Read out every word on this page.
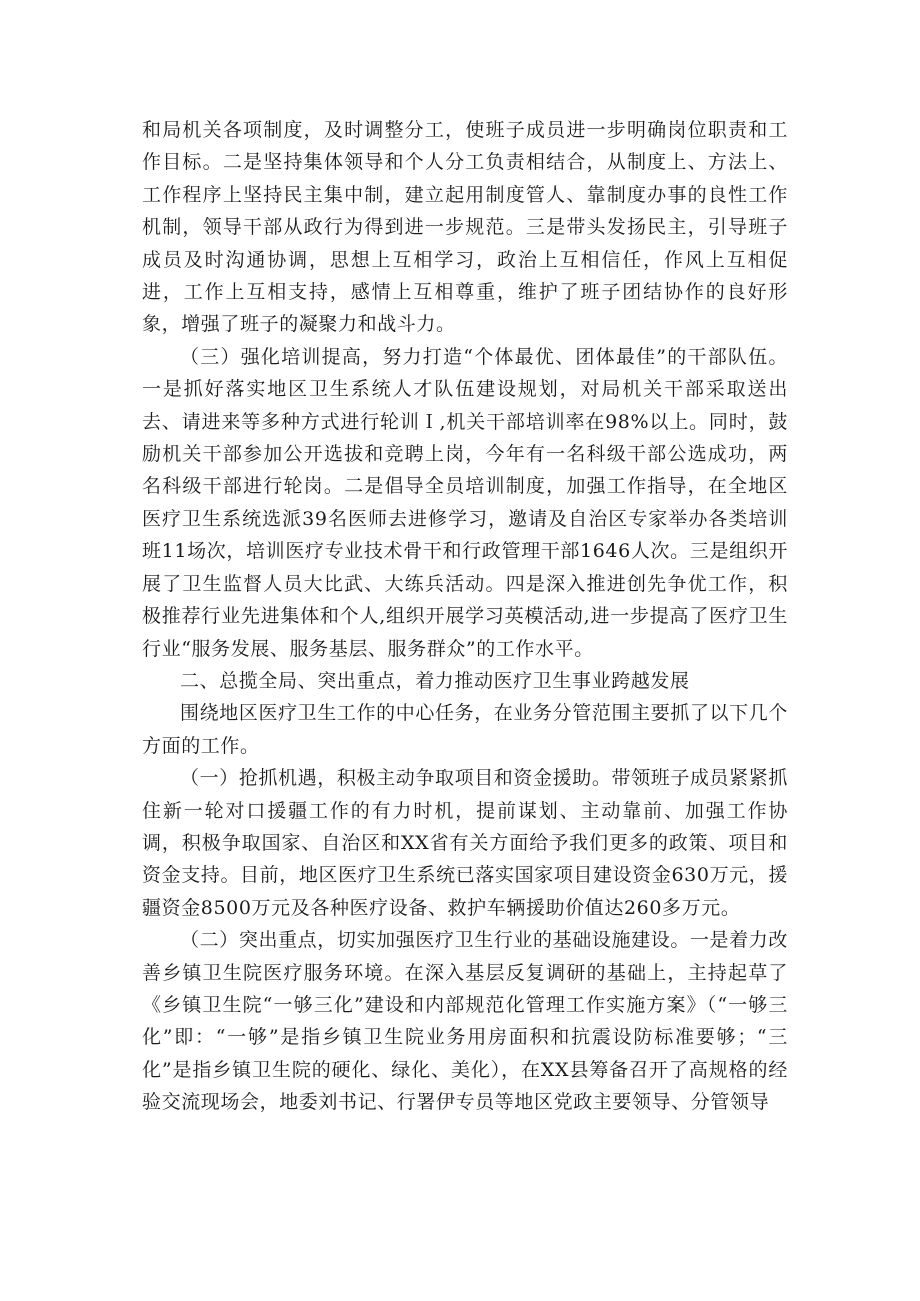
和局机关各项制度，及时调整分工，使班子成员进一步明确岗位职责和工作目标。二是坚持集体领导和个人分工负责相结合，从制度上、方法上、工作程序上坚持民主集中制，建立起用制度管人、靠制度办事的良性工作机制，领导干部从政行为得到进一步规范。三是带头发扬民主，引导班子成员及时沟通协调，思想上互相学习，政治上互相信任，作风上互相促进，工作上互相支持，感情上互相尊重，维护了班子团结协作的良好形象，增强了班子的凝聚力和战斗力。

（三）强化培训提高，努力打造“个体最优、团体最佳”的干部队伍。一是抓好落实地区卫生系统人才队伍建设规划，对局机关干部采取送出去、请进来等多种方式进行轮训Ｉ,机关干部培训率在98%以上。同时，鼓励机关干部参加公开选拔和竞聘上岗，今年有一名科级干部公选成功，两名科级干部进行轮岗。二是倡导全员培训制度，加强工作指导，在全地区医疗卫生系统选派39名医师去进修学习，邀请及自治区专家举办各类培训班11场次，培训医疗专业技术骨干和行政管理干部1646人次。三是组织开展了卫生监督人员大比武、大练兵活动。四是深入推进创先争优工作，积极推荐行业先进集体和个人,组织开展学习英模活动,进一步提高了医疗卫生行业“服务发展、服务基层、服务群众”的工作水平。

二、总揽全局、突出重点，着力推动医疗卫生事业跨越发展

围绕地区医疗卫生工作的中心任务，在业务分管范围主要抓了以下几个方面的工作。

（一）抢抓机遇，积极主动争取项目和资金援助。带领班子成员紧紧抓住新一轮对口援疆工作的有力时机，提前谋划、主动靠前、加强工作协调，积极争取国家、自治区和XX省有关方面给予我们更多的政策、项目和资金支持。目前，地区医疗卫生系统已落实国家项目建设资金630万元，援疆资金8500万元及各种医疗设备、救护车辆援助价值达260多万元。

（二）突出重点，切实加强医疗卫生行业的基础设施建设。一是着力改善乡镇卫生院医疗服务环境。在深入基层反复调研的基础上，主持起草了《乡镇卫生院“一够三化”建设和内部规范化管理工作实施方案》（“一够三化”即：“一够”是指乡镇卫生院业务用房面积和抗震设防标准要够；“三化”是指乡镇卫生院的硬化、绿化、美化），在XX县筹备召开了高规格的经验交流现场会，地委刘书记、行署伊专员等地区党政主要领导、分管领导
